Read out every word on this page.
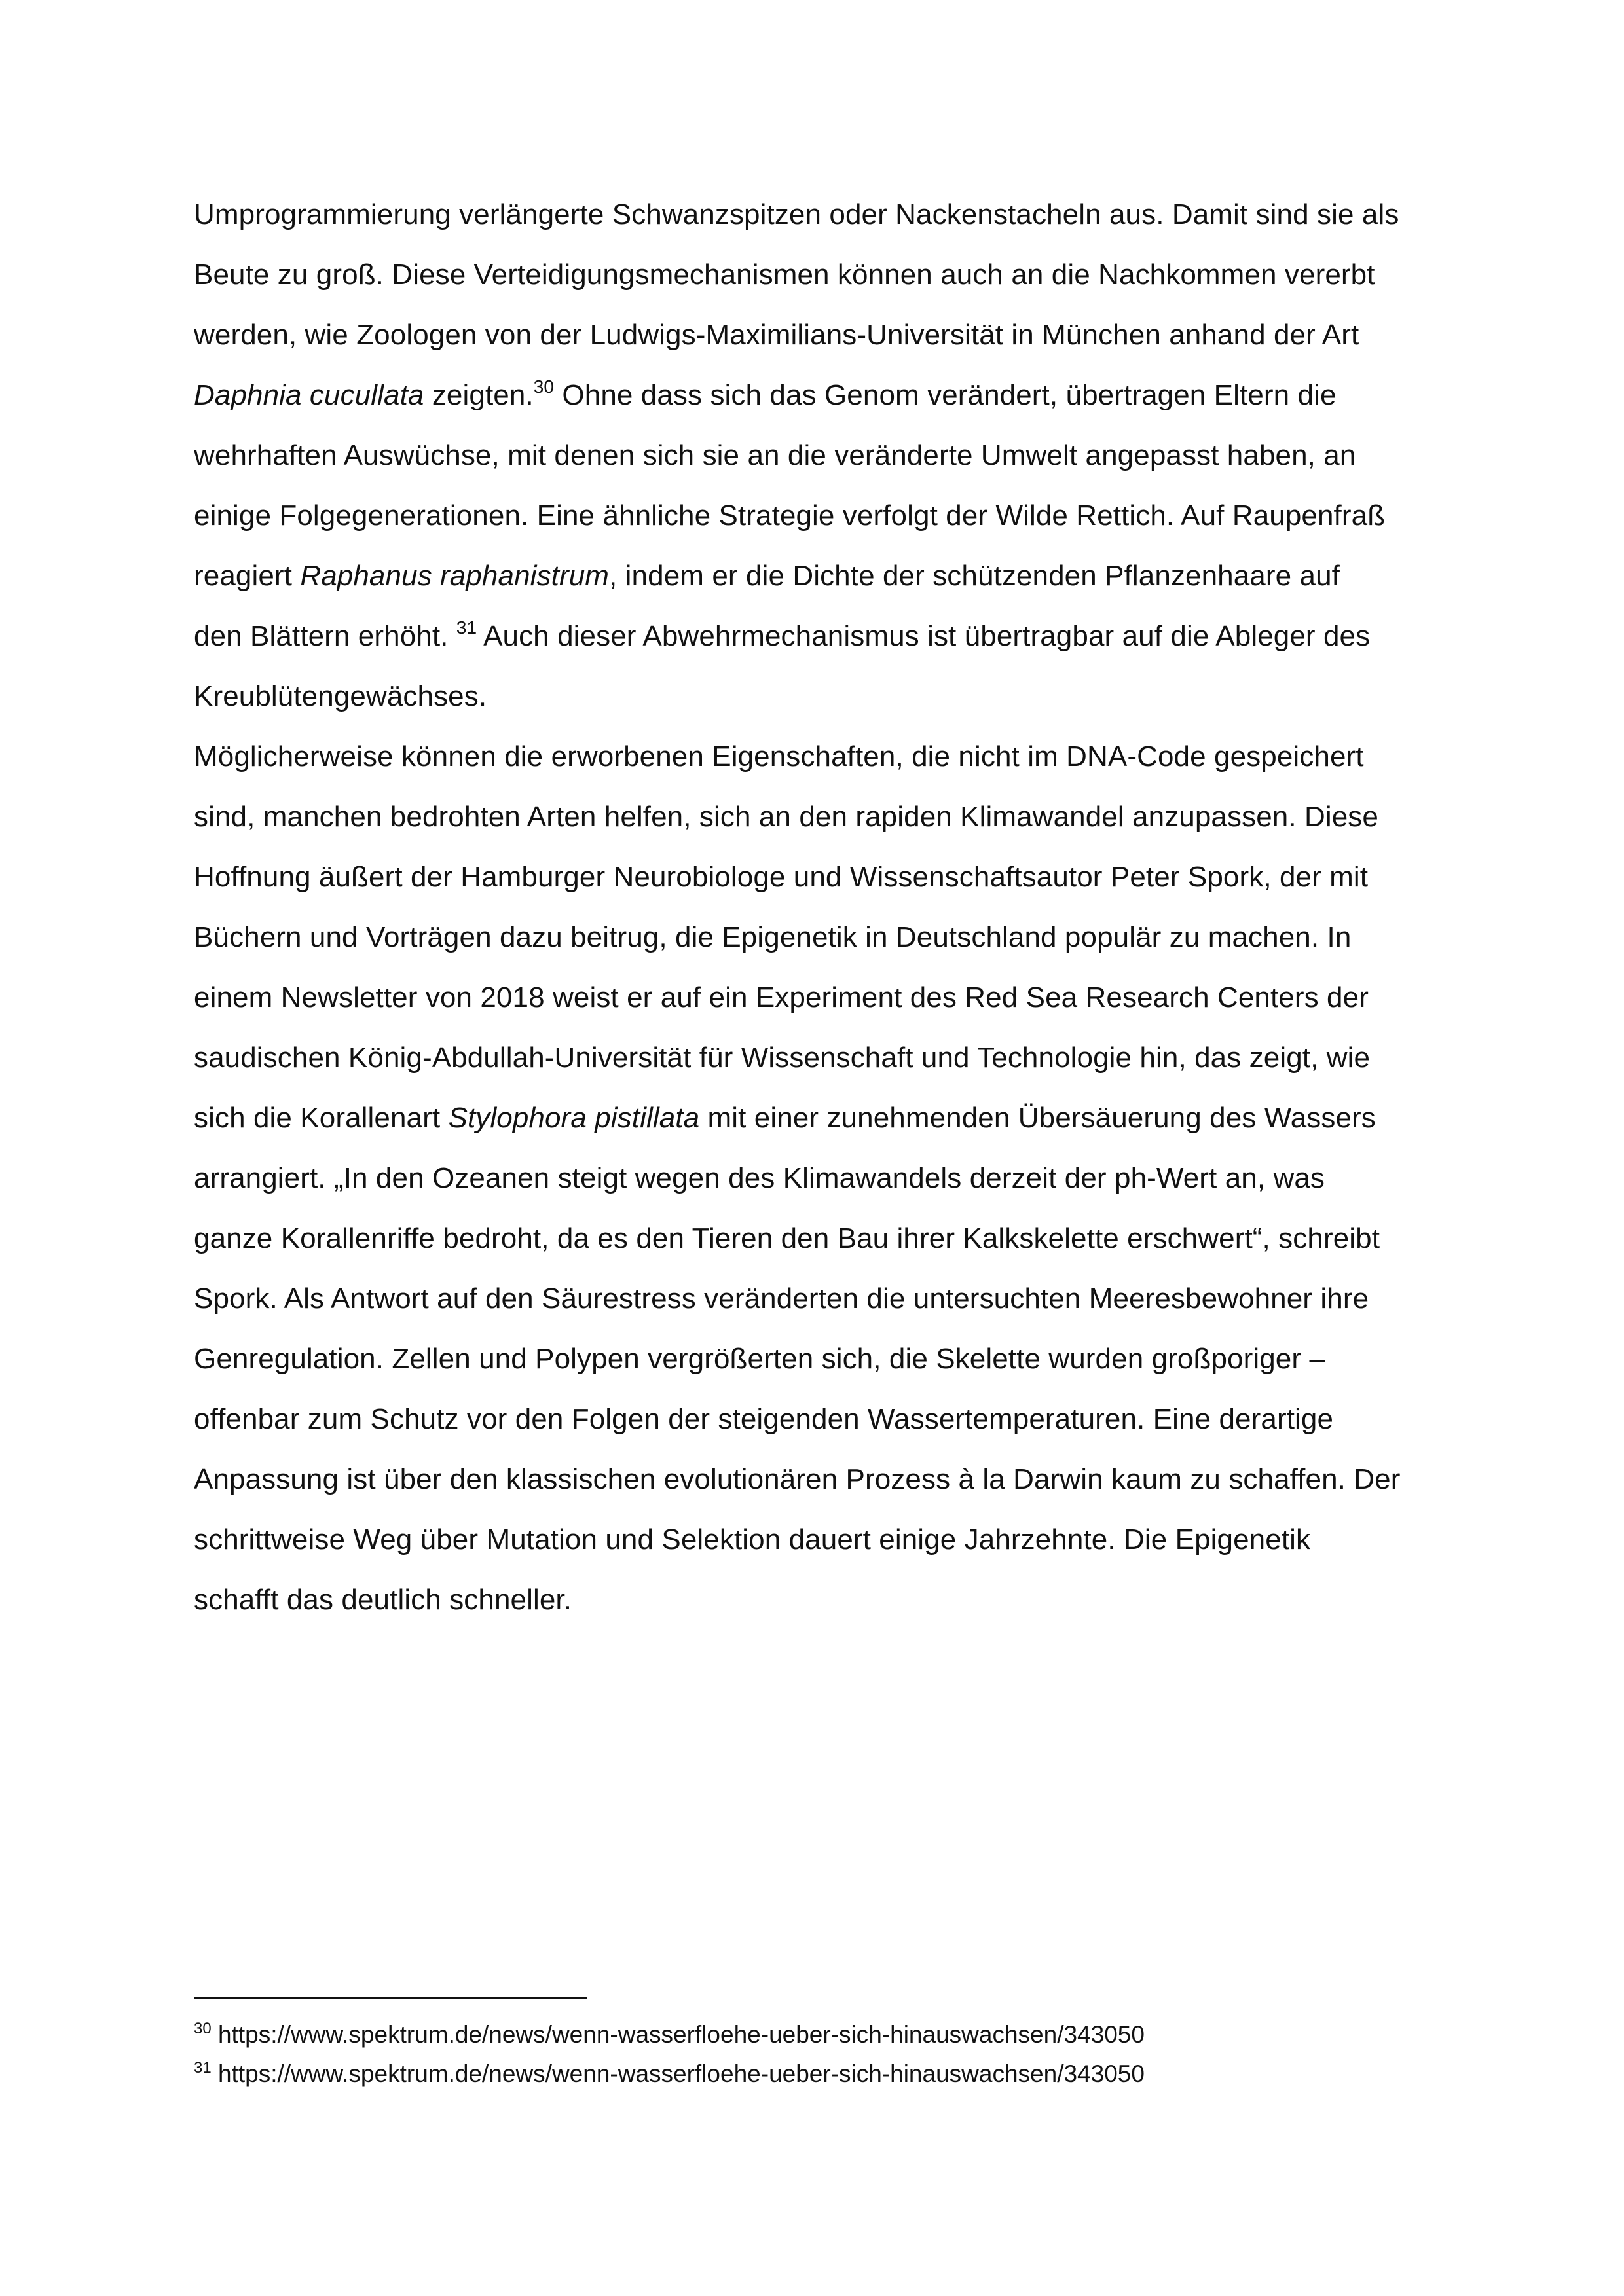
Umprogrammierung verlängerte Schwanzspitzen oder Nackenstacheln aus. Damit sind sie als
Beute zu groß. Diese Verteidigungsmechanismen können auch an die Nachkommen vererbt
werden, wie Zoologen von der Ludwigs-Maximilians-Universität in München anhand der Art
Daphnia cucullata zeigten.$^{30}$ Ohne dass sich das Genom verändert, übertragen Eltern die
wehrhaften Auswüchse, mit denen sich sie an die veränderte Umwelt angepasst haben, an
einige Folgegenerationen. Eine ähnliche Strategie verfolgt der Wilde Rettich. Auf Raupenfraß
reagiert Raphanus raphanistrum, indem er die Dichte der schützenden Pflanzenhaare auf
den Blättern erhöht. $^{31}$ Auch dieser Abwehrmechanismus ist übertragbar auf die Ableger des
Kreublütengewächses.
Möglicherweise können die erworbenen Eigenschaften, die nicht im DNA-Code gespeichert
sind, manchen bedrohten Arten helfen, sich an den rapiden Klimawandel anzupassen. Diese
Hoffnung äußert der Hamburger Neurobiologe und Wissenschaftsautor Peter Spork, der mit
Büchern und Vorträgen dazu beitrug, die Epigenetik in Deutschland populär zu machen. In
einem Newsletter von 2018 weist er auf ein Experiment des Red Sea Research Centers der
saudischen König-Abdullah-Universität für Wissenschaft und Technologie hin, das zeigt, wie
sich die Korallenart Stylophora pistillata mit einer zunehmenden Übersäuerung des Wassers
arrangiert. „In den Ozeanen steigt wegen des Klimawandels derzeit der ph-Wert an, was
ganze Korallenriffe bedroht, da es den Tieren den Bau ihrer Kalkskelette erschwert“, schreibt
Spork. Als Antwort auf den Säurestress veränderten die untersuchten Meeresbewohner ihre
Genregulation. Zellen und Polypen vergrößerten sich, die Skelette wurden großporiger –
offenbar zum Schutz vor den Folgen der steigenden Wassertemperaturen. Eine derartige
Anpassung ist über den klassischen evolutionären Prozess à la Darwin kaum zu schaffen. Der
schrittweise Weg über Mutation und Selektion dauert einige Jahrzehnte. Die Epigenetik
schafft das deutlich schneller.
$^{30}$ https://www.spektrum.de/news/wenn-wasserfloehe-ueber-sich-hinauswachsen/343050
$^{31}$ https://www.spektrum.de/news/wenn-wasserfloehe-ueber-sich-hinauswachsen/343050
